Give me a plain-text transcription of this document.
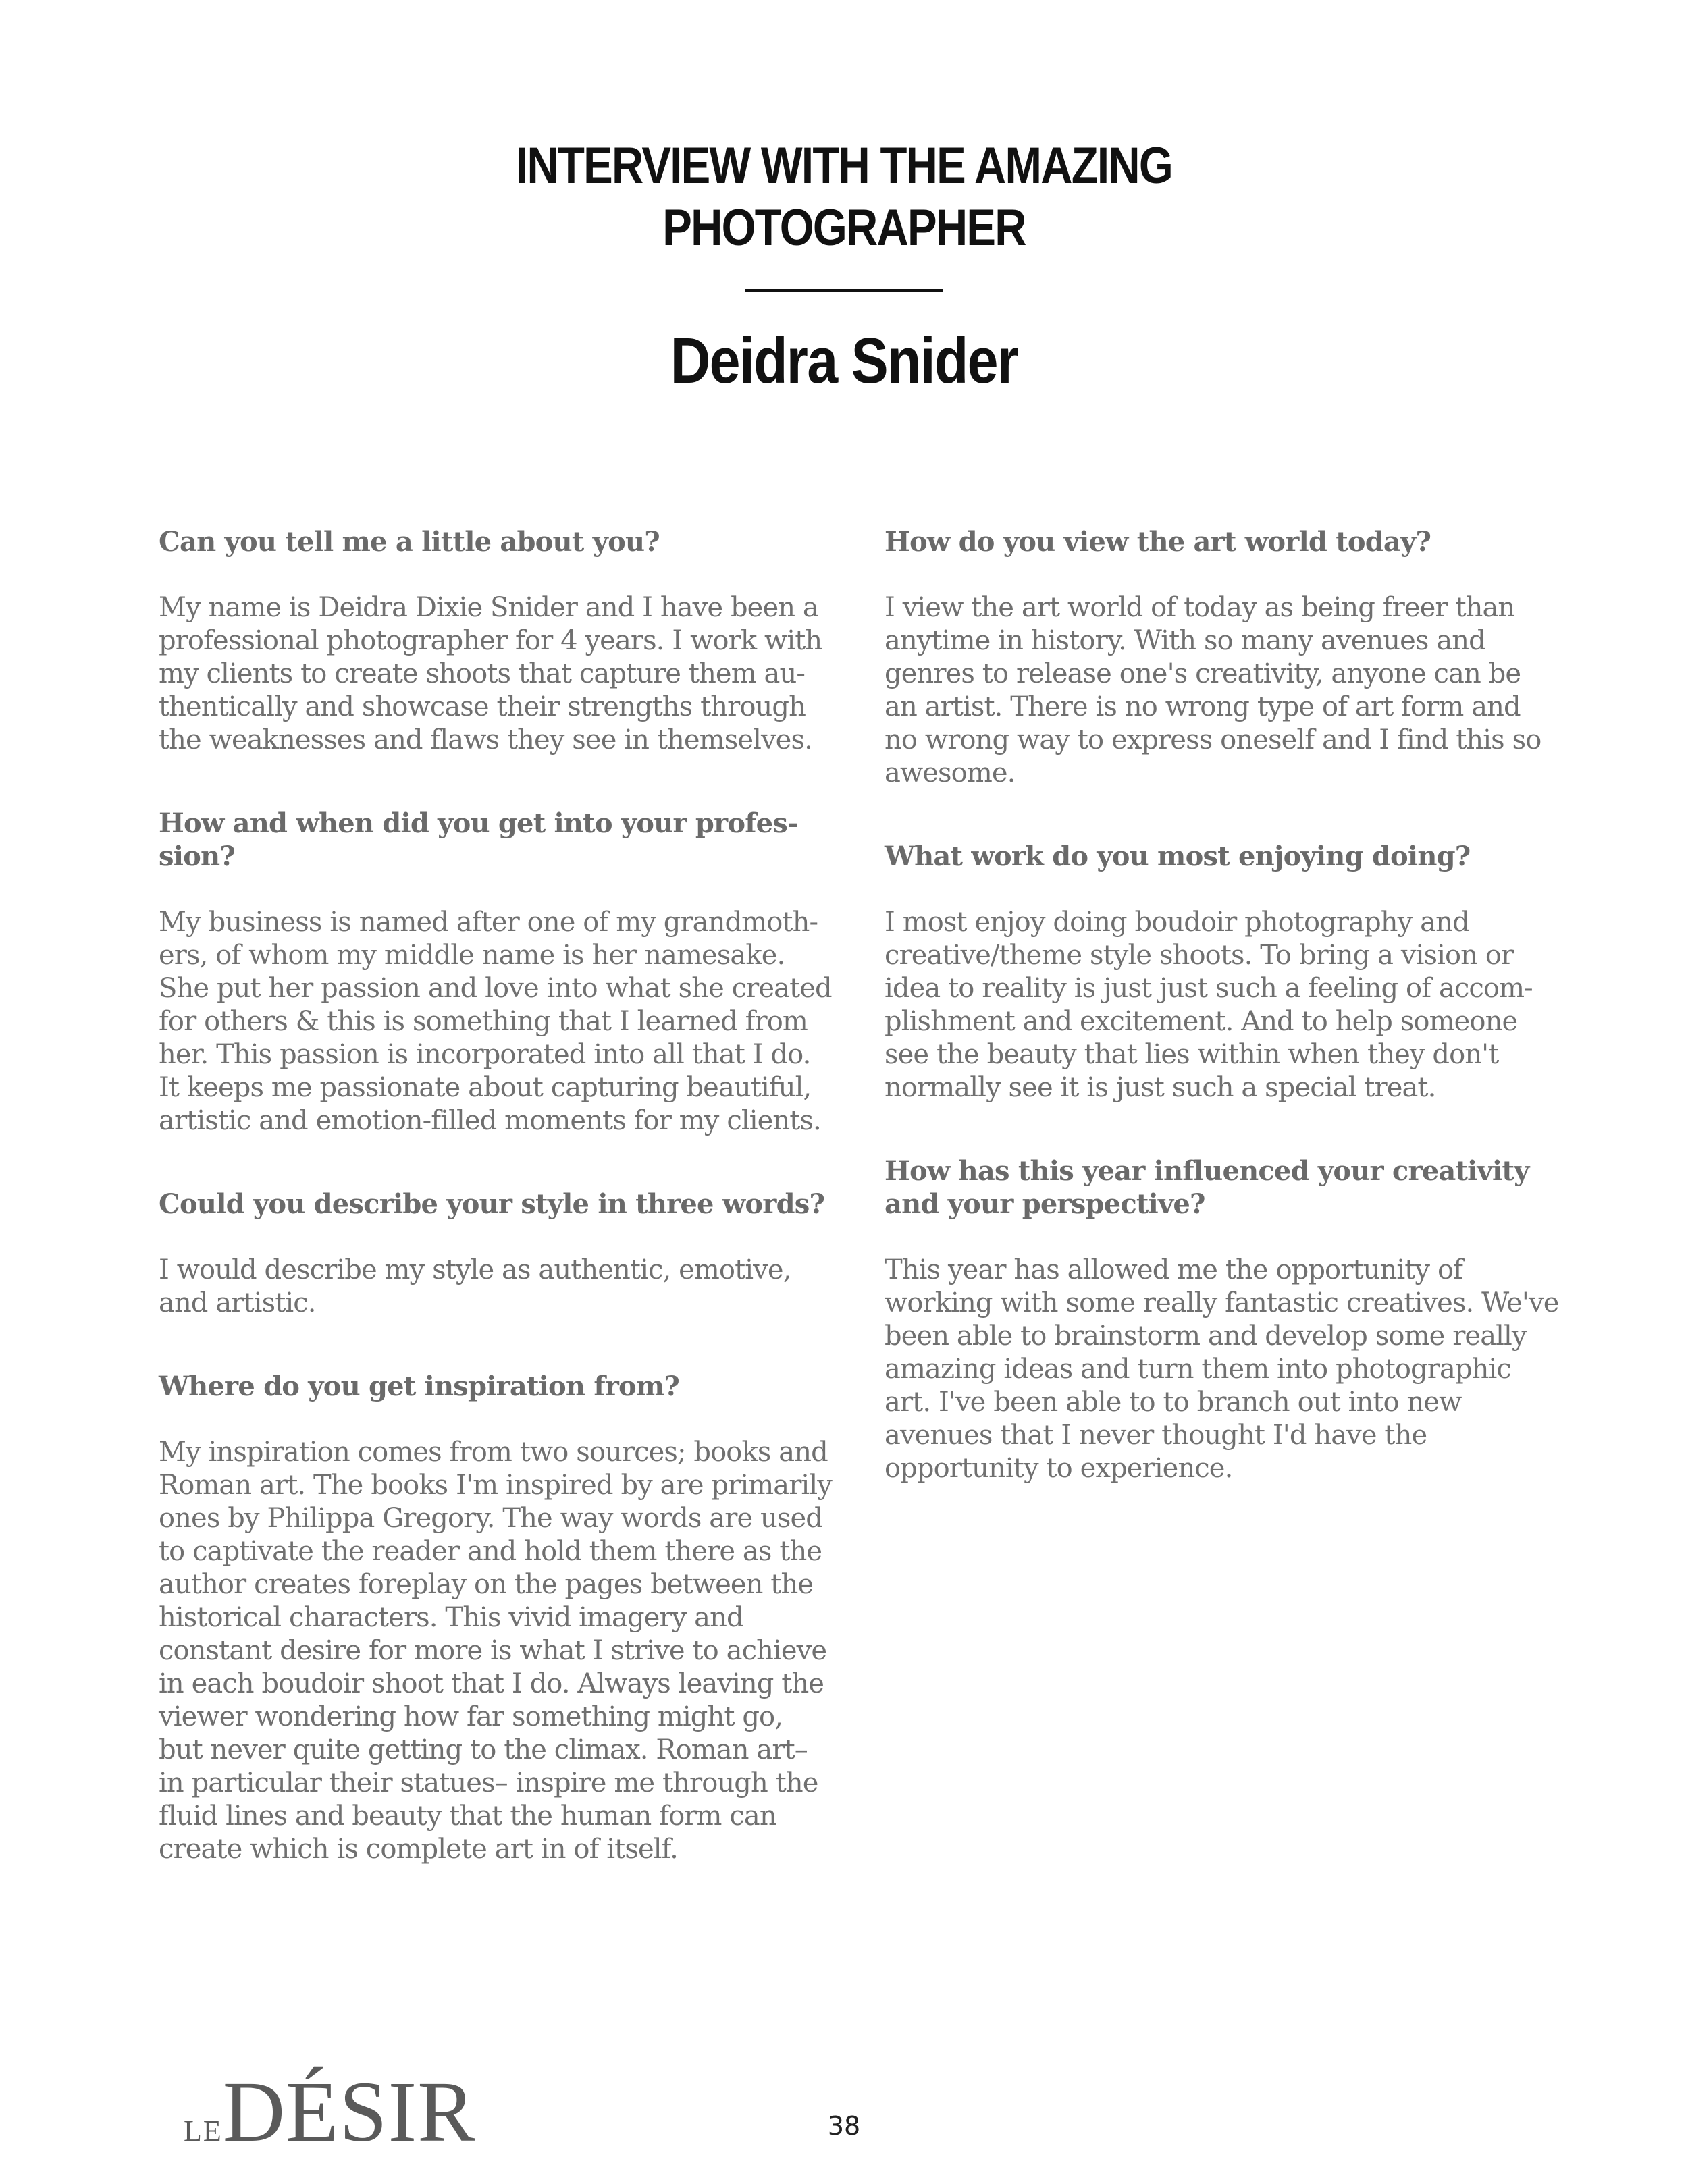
INTERVIEW WITH THE AMAZING
PHOTOGRAPHER
Deidra Snider

Can you tell me a little about you?

My name is Deidra Dixie Snider and I have been a professional photographer for 4 years. I work with my clients to create shoots that capture them authentically and showcase their strengths through the weaknesses and flaws they see in themselves.

How and when did you get into your profession?

My business is named after one of my grandmothers, of whom my middle name is her namesake. She put her passion and love into what she created for others & this is something that I learned from her. This passion is incorporated into all that I do. It keeps me passionate about capturing beautiful, artistic and emotion-filled moments for my clients.

Could you describe your style in three words?

I would describe my style as authentic, emotive, and artistic.

Where do you get inspiration from?

My inspiration comes from two sources; books and Roman art. The books I'm inspired by are primarily ones by Philippa Gregory. The way words are used to captivate the reader and hold them there as the author creates foreplay on the pages between the historical characters. This vivid imagery and constant desire for more is what I strive to achieve in each boudoir shoot that I do. Always leaving the viewer wondering how far something might go, but never quite getting to the climax. Roman art– in particular their statues– inspire me through the fluid lines and beauty that the human form can create which is complete art in of itself.

How do you view the art world today?

I view the art world of today as being freer than anytime in history. With so many avenues and genres to release one's creativity, anyone can be an artist. There is no wrong type of art form and no wrong way to express oneself and I find this so awesome.

What work do you most enjoying doing?

I most enjoy doing boudoir photography and creative/theme style shoots. To bring a vision or idea to reality is just just such a feeling of accomplishment and excitement. And to help someone see the beauty that lies within when they don't normally see it is just such a special treat.

How has this year influenced your creativity and your perspective?

This year has allowed me the opportunity of working with some really fantastic creatives. We've been able to brainstorm and develop some really amazing ideas and turn them into photographic art. I've been able to to branch out into new avenues that I never thought I'd have the opportunity to experience.

LEDÉSIR	38
